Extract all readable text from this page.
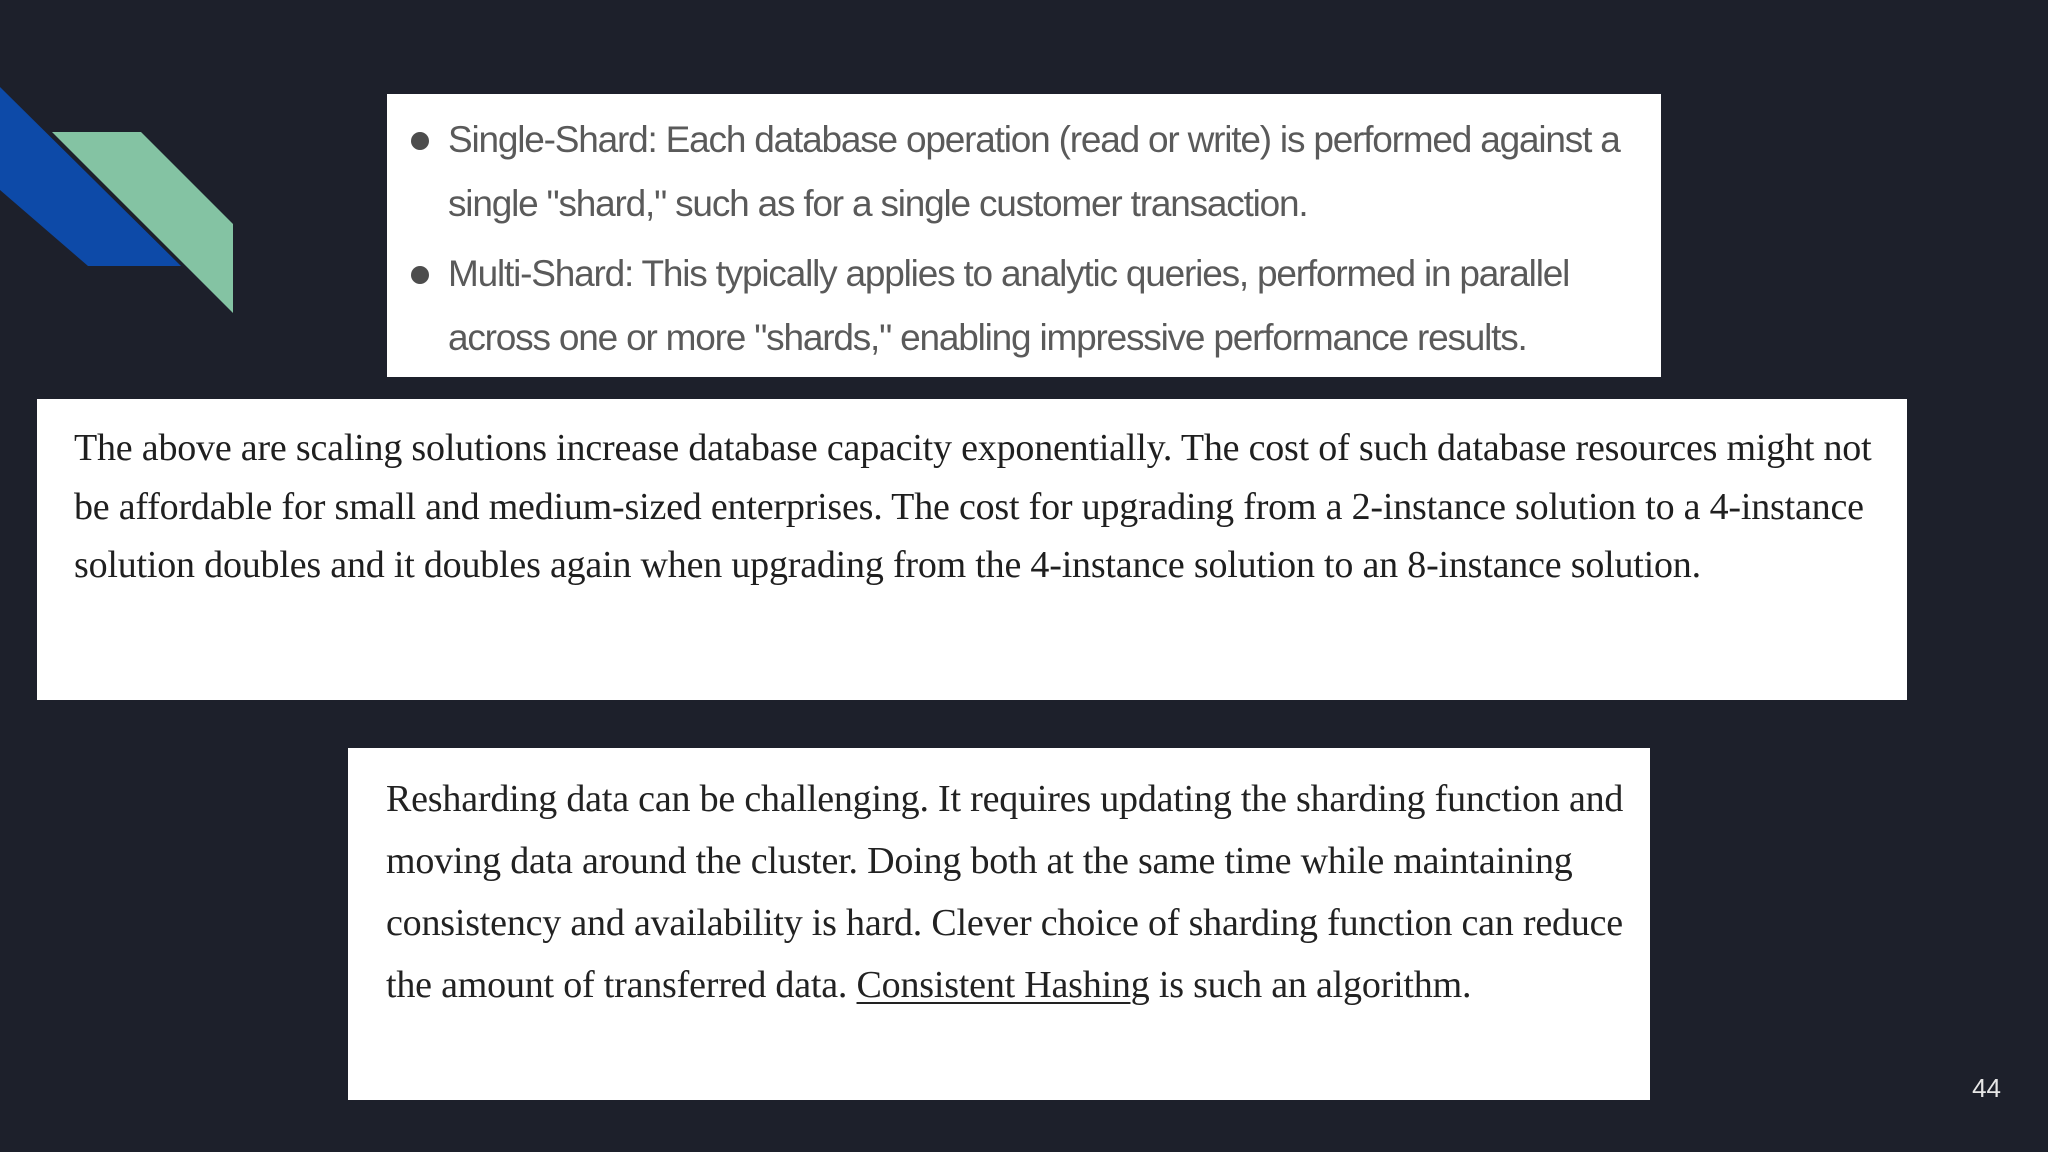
Single-Shard: Each database operation (read or write) is performed against a single "shard," such as for a single customer transaction.
Multi-Shard: This typically applies to analytic queries, performed in parallel across one or more "shards," enabling impressive performance results.

The above are scaling solutions increase database capacity exponentially. The cost of such database resources might not be affordable for small and medium-sized enterprises. The cost for upgrading from a 2-instance solution to a 4-instance solution doubles and it doubles again when upgrading from the 4-instance solution to an 8-instance solution.

Resharding data can be challenging. It requires updating the sharding function and moving data around the cluster. Doing both at the same time while maintaining consistency and availability is hard. Clever choice of sharding function can reduce the amount of transferred data. Consistent Hashing is such an algorithm.

44
